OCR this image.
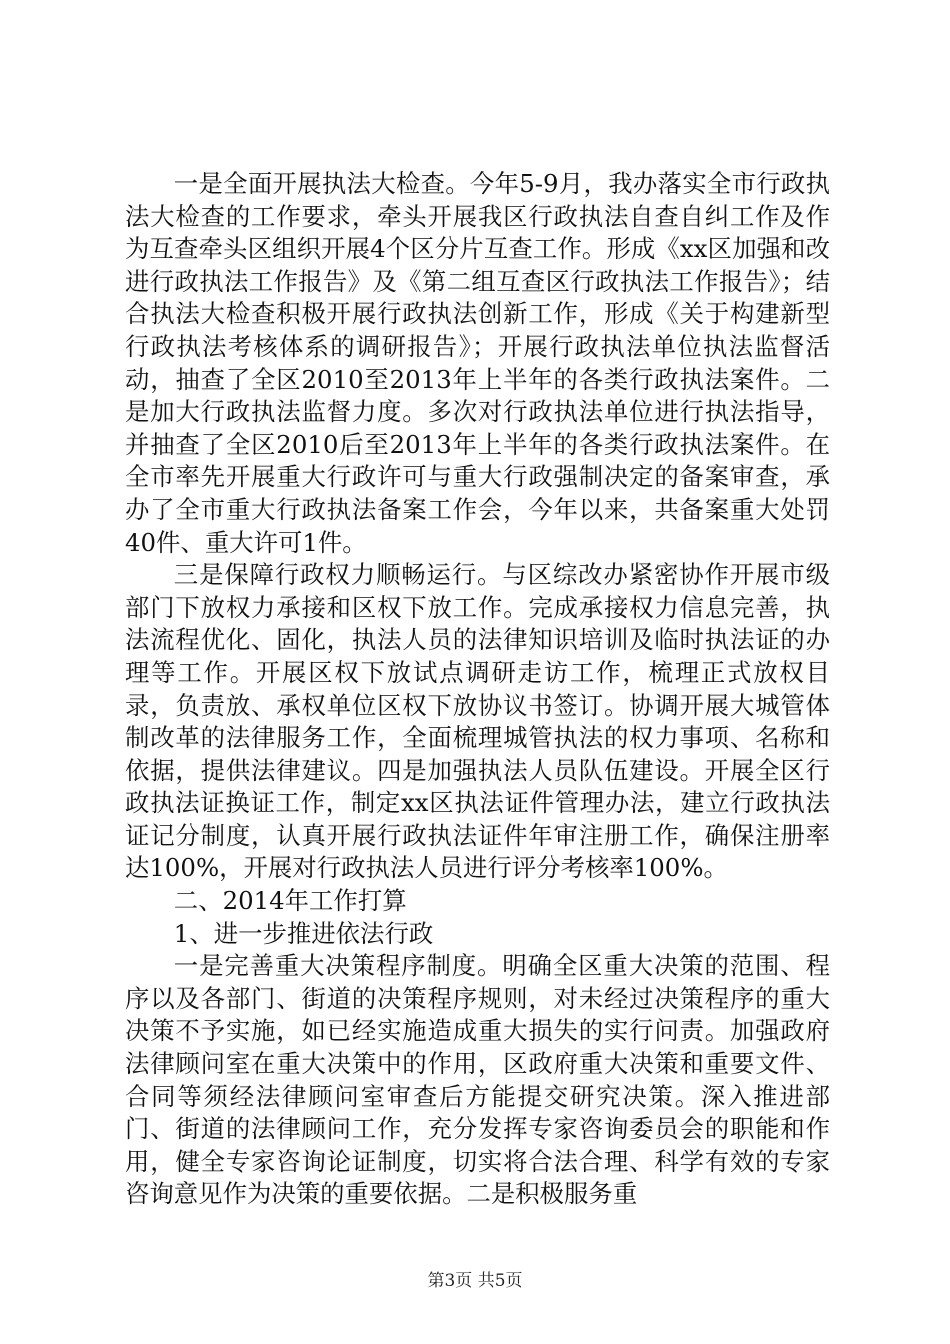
一是全面开展执法大检查。今年5-9月，我办落实全市行政执法大检查的工作要求，牵头开展我区行政执法自查自纠工作及作为互查牵头区组织开展4个区分片互查工作。形成《xx区加强和改进行政执法工作报告》及《第二组互查区行政执法工作报告》；结合执法大检查积极开展行政执法创新工作，形成《关于构建新型行政执法考核体系的调研报告》；开展行政执法单位执法监督活动，抽查了全区2010至2013年上半年的各类行政执法案件。二是加大行政执法监督力度。多次对行政执法单位进行执法指导，并抽查了全区2010后至2013年上半年的各类行政执法案件。在全市率先开展重大行政许可与重大行政强制决定的备案审查，承办了全市重大行政执法备案工作会，今年以来，共备案重大处罚40件、重大许可1件。

三是保障行政权力顺畅运行。与区综改办紧密协作开展市级部门下放权力承接和区权下放工作。完成承接权力信息完善，执法流程优化、固化，执法人员的法律知识培训及临时执法证的办理等工作。开展区权下放试点调研走访工作，梳理正式放权目录，负责放、承权单位区权下放协议书签订。协调开展大城管体制改革的法律服务工作，全面梳理城管执法的权力事项、名称和依据，提供法律建议。四是加强执法人员队伍建设。开展全区行政执法证换证工作，制定xx区执法证件管理办法，建立行政执法证记分制度，认真开展行政执法证件年审注册工作，确保注册率达100%，开展对行政执法人员进行评分考核率100%。

二、2014年工作打算

1、进一步推进依法行政

一是完善重大决策程序制度。明确全区重大决策的范围、程序以及各部门、街道的决策程序规则，对未经过决策程序的重大决策不予实施，如已经实施造成重大损失的实行问责。加强政府法律顾问室在重大决策中的作用，区政府重大决策和重要文件、合同等须经法律顾问室审查后方能提交研究决策。深入推进部门、街道的法律顾问工作，充分发挥专家咨询委员会的职能和作用，健全专家咨询论证制度，切实将合法合理、科学有效的专家咨询意见作为决策的重要依据。二是积极服务重

第3页 共5页
